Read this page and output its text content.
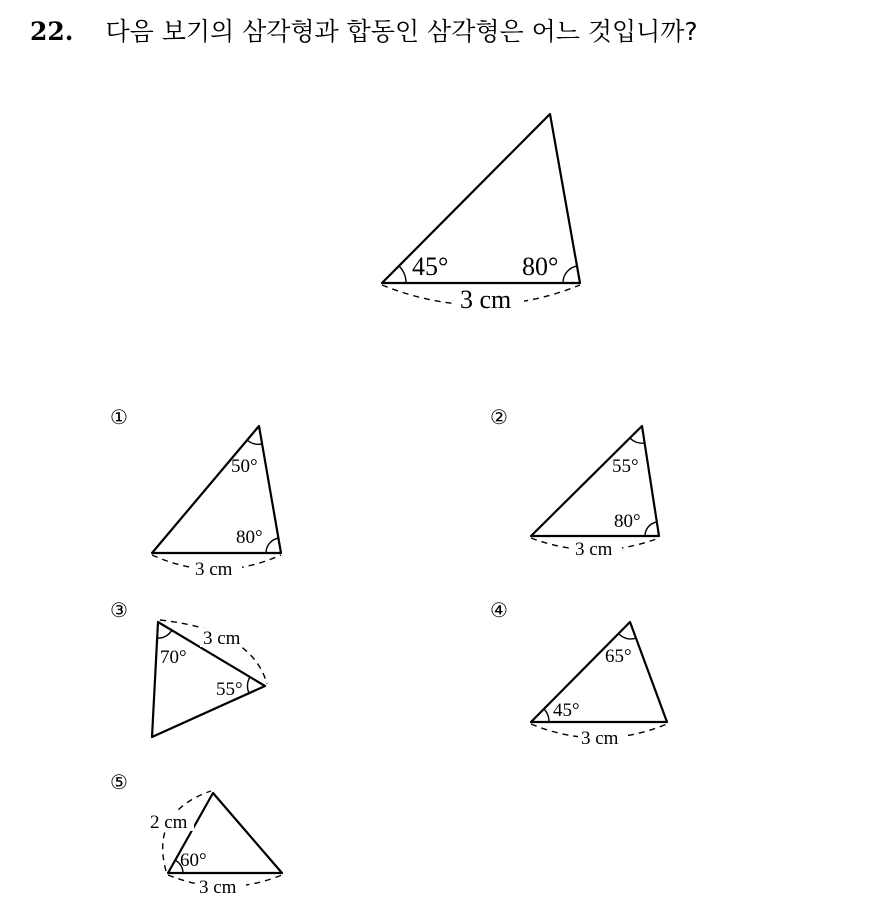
22. 다음 보기의 삼각형과 합동인 삼각형은 어느 것입니까?
45°	80°
3 cm
①
50°
80°
3 cm
②
55°
80°
3 cm
③
70°
3 cm
55°
④
65°
45°
3 cm
⑤
2 cm
60°
3 cm
